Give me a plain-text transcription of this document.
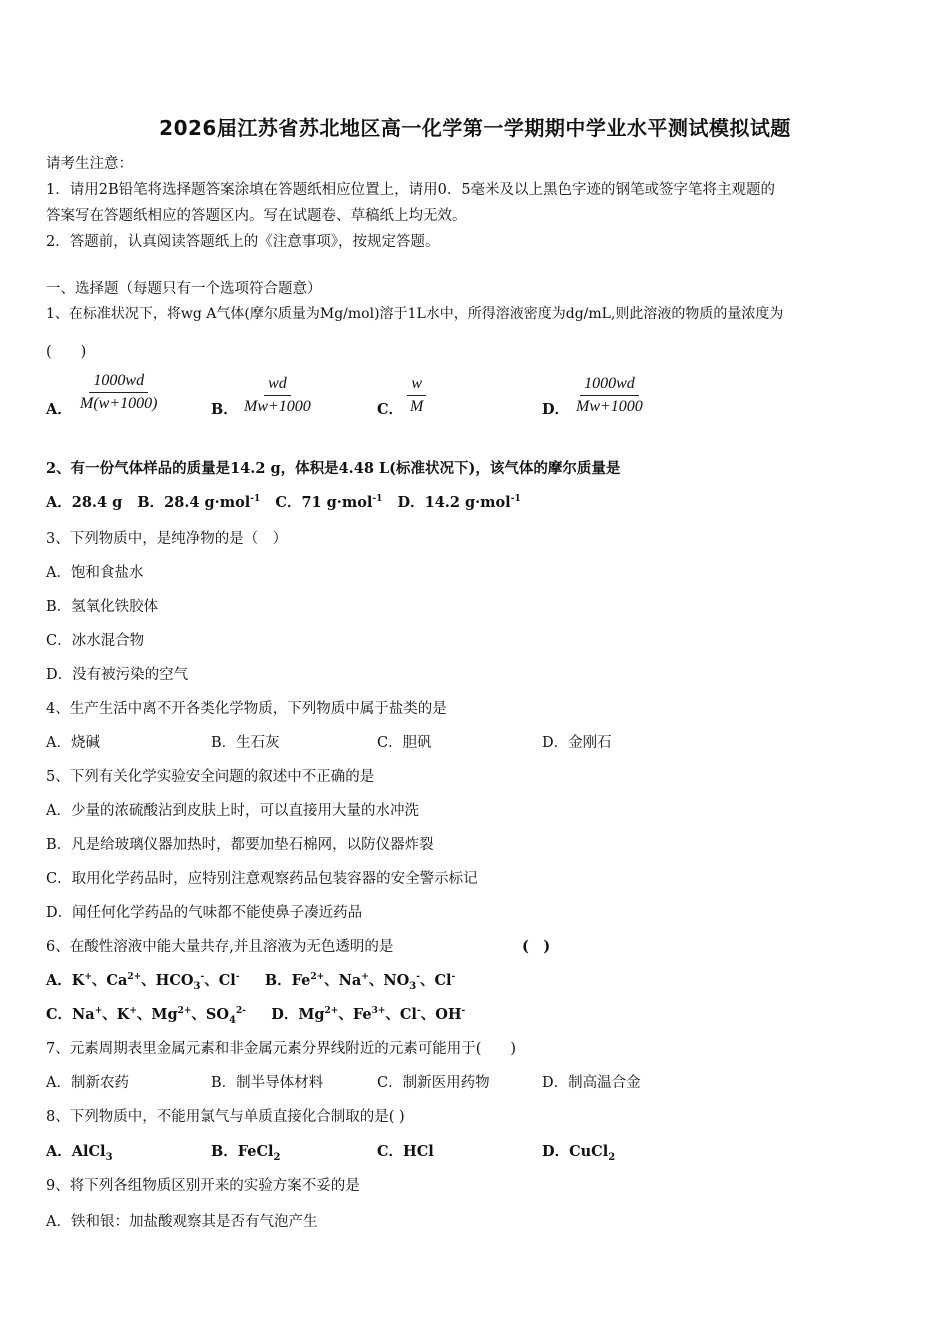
2026届江苏省苏北地区高一化学第一学期期中学业水平测试模拟试题
请考生注意：
1．请用2B铅笔将选择题答案涂填在答题纸相应位置上，请用0．5毫米及以上黑色字迹的钢笔或签字笔将主观题的
答案写在答题纸相应的答题区内。写在试题卷、草稿纸上均无效。
2．答题前，认真阅读答题纸上的《注意事项》，按规定答题。
一、选择题（每题只有一个选项符合题意）
1、在标准状况下，将wg A气体(摩尔质量为Mg/mol)溶于1L水中，所得溶液密度为dg/mL,则此溶液的物质的量浓度为
(　　)
A． $\frac{1000wd}{M(w+1000)}$	B． $\frac{wd}{Mw+1000}$	C． $\frac{w}{M}$	D． $\frac{1000wd}{Mw+1000}$
2、有一份气体样品的质量是14.2 g，体积是4.48 L(标准状况下)，该气体的摩尔质量是
A．28.4 g B．28.4 g·mol$^{-1}$ C．71 g·mol$^{-1}$ D．14.2 g·mol$^{-1}$
3、下列物质中，是纯净物的是（　）
A．饱和食盐水
B．氢氧化铁胶体
C．冰水混合物
D．没有被污染的空气
4、生产生活中离不开各类化学物质，下列物质中属于盐类的是
A．烧碱	B．生石灰	C．胆矾	D．金刚石
5、下列有关化学实验安全问题的叙述中不正确的是
A．少量的浓硫酸沾到皮肤上时，可以直接用大量的水冲洗
B．凡是给玻璃仪器加热时，都要加垫石棉网，以防仪器炸裂
C．取用化学药品时，应特别注意观察药品包装容器的安全警示标记
D．闻任何化学药品的气味都不能使鼻子凑近药品
6、在酸性溶液中能大量共存,并且溶液为无色透明的是	(　)
A．K+、$Ca^{2+}$、$HCO_3^-$、Cl- B．$Fe^{2+}$、Na+、$NO_3^-$、Cl-
C．Na+、K+、$Mg^{2+}$、$SO_4^{2-}$ D．$Mg^{2+}$、$Fe^{3+}$、Cl-、OH-
7、元素周期表里金属元素和非金属元素分界线附近的元素可能用于(　　)
A．制新农药	B．制半导体材料	C．制新医用药物	D．制高温合金
8、下列物质中，不能用氯气与单质直接化合制取的是( )
A．AlCl$_3$	B．FeCl$_2$	C．HCl	D．CuCl$_2$
9、将下列各组物质区别开来的实验方案不妥的是
A．铁和银：加盐酸观察其是否有气泡产生
